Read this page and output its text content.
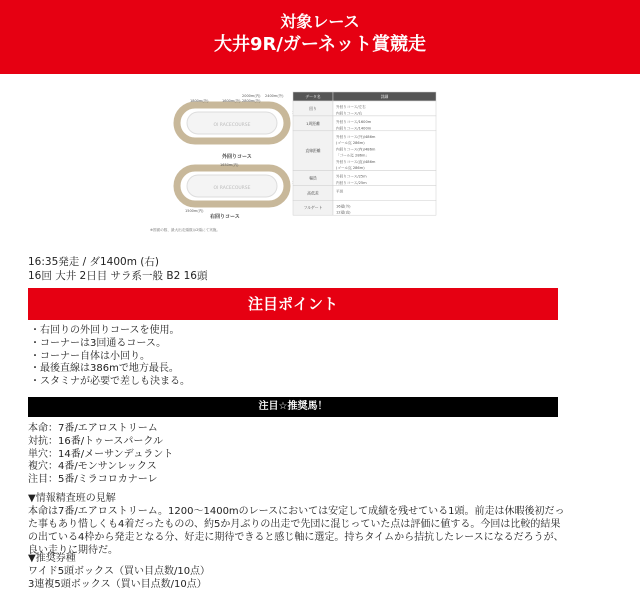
対象レース
大井9R/ガーネット賞競走
OI RACECOURSE
1800m(外)	1600m(外)
2000m(内)
2800m(外)
2400m(外)
外回りコース
OI RACECOURSE
1500m(内)
1650m(内)
右回りコース
※図面の数、最大出走頭数は2頭にて実施。
データ名	詳細
回り	外回りコース/左右
内回りコース/右
1周距離	外回りコース/1600m
内回りコース/1400m
直線距離
外回りコース(外)/486m
(ゴール迄 286m)
内回りコース(内)/486m
「ゴール迄 286m」
外回りコース(直)/486m
(ゴール迄 286m)
幅員	外回りコース/25m
内回りコース/25m
高低差	平坦
フルゲート	16頭(外)
12頭(直)
16:35発走 / ダ1400m (右)
16回 大井 2日目 サラ系一般 B2 16頭
注目ポイント
・右回りの外回りコースを使用。
・コーナーは3回通るコース。
・コーナー自体は小回り。
・最後直線は386mで地方最長。
・スタミナが必要で差しも決まる。
注目☆推奨馬！
本命：7番/エアロストリーム
対抗：16番/トゥースパークル
単穴：14番/メーサンデュラント
複穴：4番/モンサンレックス
注目：5番/ミラコロカナーレ
▼情報精査班の見解

本命は7番/エアロストリーム。1200〜1400mのレースにおいては安定して成績を残せている1頭。前走は休暇後初だった事もあり惜しくも4着だったものの、約5か月ぶりの出走で先団に混じっていた点は評価に値する。今回は比較的結果の出ている4枠から発走となる分、好走に期待できると感じ軸に選定。持ちタイムから拮抗したレースになるだろうが、良い走りに期待だ。

▼推奨券種
ワイド5頭ボックス（買い目点数/10点）
3連複5頭ボックス（買い目点数/10点）
